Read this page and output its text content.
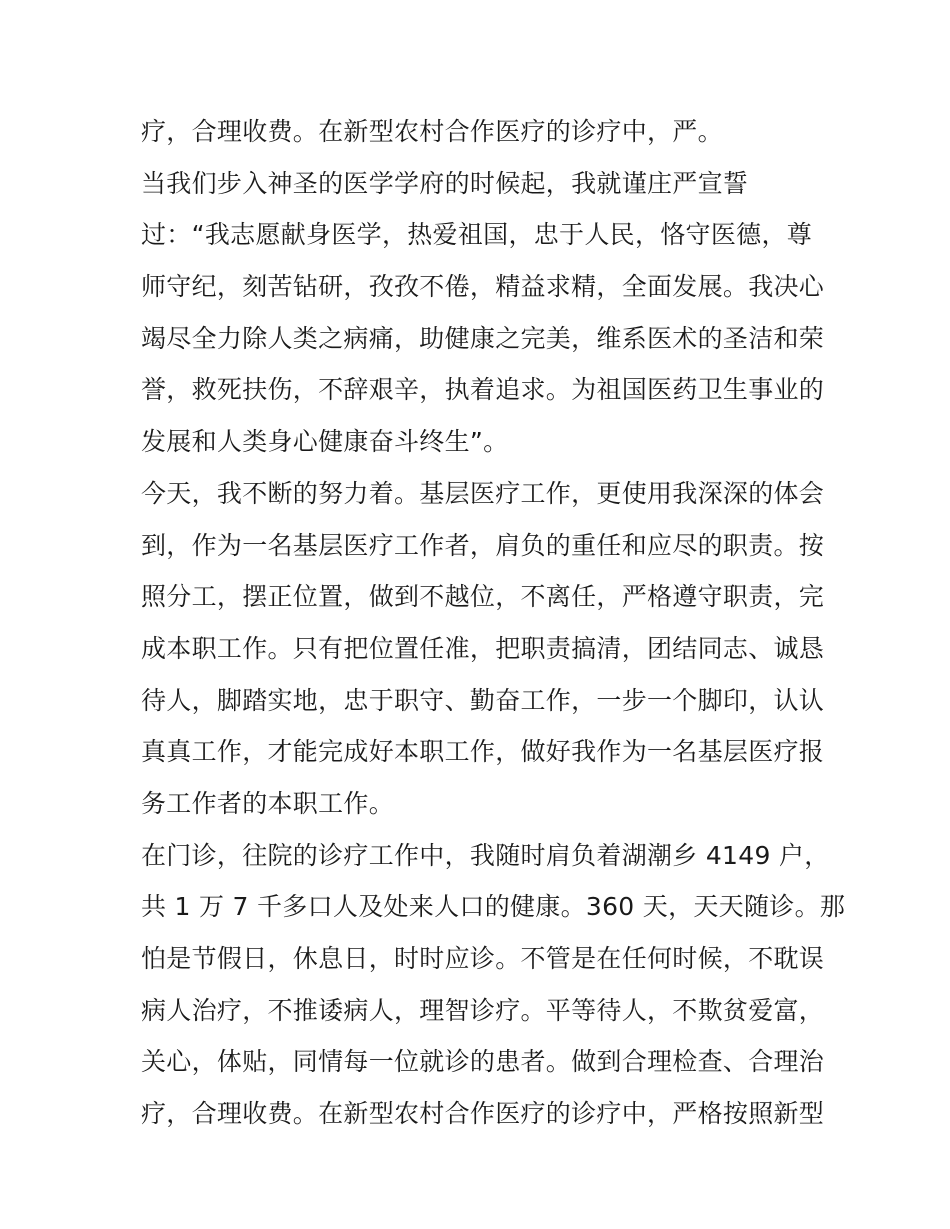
疗，合理收费。在新型农村合作医疗的诊疗中，严。
当我们步入神圣的医学学府的时候起，我就谨庄严宣誓
过：“我志愿献身医学，热爱祖国，忠于人民，恪守医德，尊
师守纪，刻苦钻研，孜孜不倦，精益求精，全面发展。我决心
竭尽全力除人类之病痛，助健康之完美，维系医术的圣洁和荣
誉，救死扶伤，不辞艰辛，执着追求。为祖国医药卫生事业的
发展和人类身心健康奋斗终生”。
今天，我不断的努力着。基层医疗工作，更使用我深深的体会
到，作为一名基层医疗工作者，肩负的重任和应尽的职责。按
照分工，摆正位置，做到不越位，不离任，严格遵守职责，完
成本职工作。只有把位置任准，把职责搞清，团结同志、诚恳
待人，脚踏实地，忠于职守、勤奋工作，一步一个脚印，认认
真真工作，才能完成好本职工作，做好我作为一名基层医疗报
务工作者的本职工作。
在门诊，往院的诊疗工作中，我随时肩负着湖潮乡 4149 户，
共 1 万 7 千多口人及处来人口的健康。360 天，天天随诊。那
怕是节假日，休息日，时时应诊。不管是在任何时候，不耽误
病人治疗，不推诿病人，理智诊疗。平等待人，不欺贫爱富，
关心，体贴，同情每一位就诊的患者。做到合理检查、合理治
疗，合理收费。在新型农村合作医疗的诊疗中，严格按照新型
